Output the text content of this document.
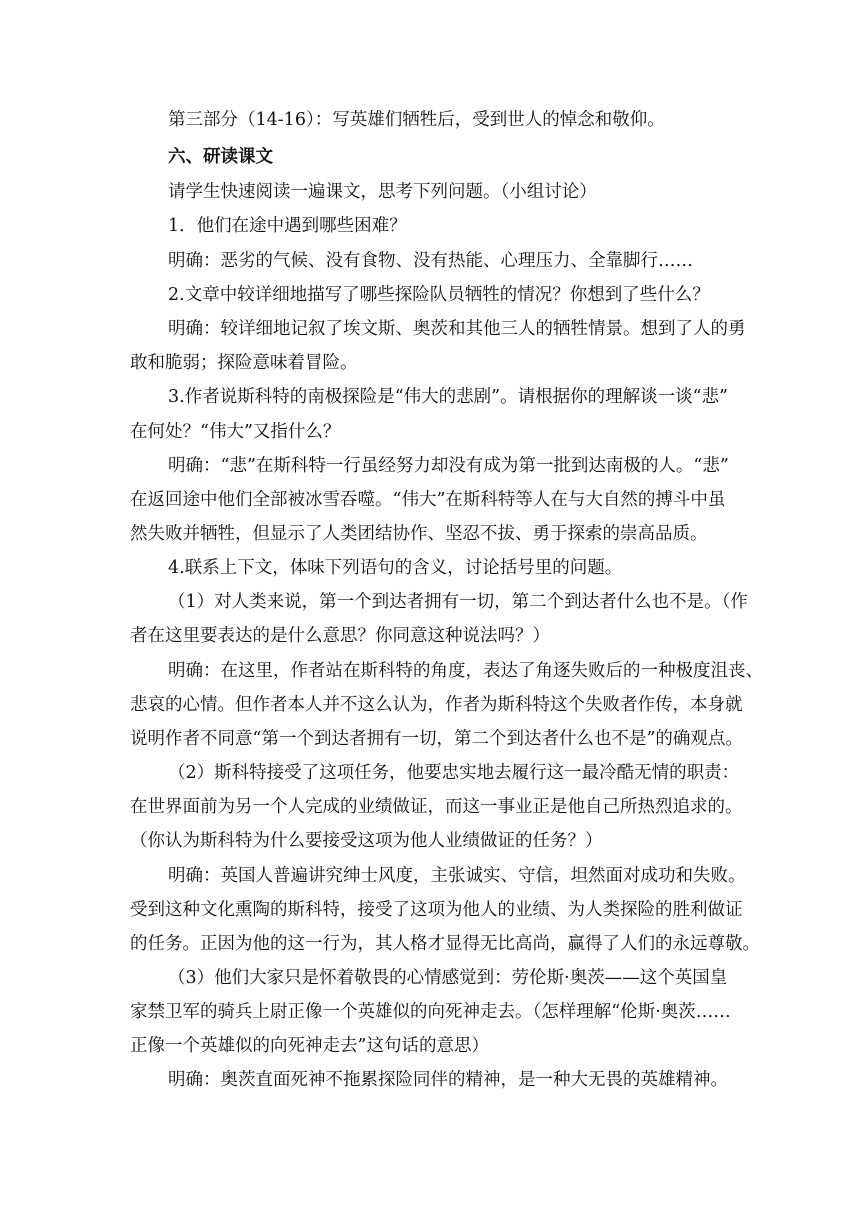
第三部分（14-16）：写英雄们牺牲后，受到世人的悼念和敬仰。

六、研读课文

请学生快速阅读一遍课文，思考下列问题。（小组讨论）

1．他们在途中遇到哪些困难？

明确：恶劣的气候、没有食物、没有热能、心理压力、全靠脚行……

2.文章中较详细地描写了哪些探险队员牺牲的情况？你想到了些什么？

明确：较详细地记叙了埃文斯、奥茨和其他三人的牺牲情景。想到了人的勇

敢和脆弱；探险意味着冒险。

3.作者说斯科特的南极探险是“伟大的悲剧”。请根据你的理解谈一谈“悲”

在何处？“伟大”又指什么？

明确：“悲”在斯科特一行虽经努力却没有成为第一批到达南极的人。“悲”

在返回途中他们全部被冰雪吞噬。“伟大”在斯科特等人在与大自然的搏斗中虽

然失败并牺牲，但显示了人类团结协作、坚忍不拔、勇于探索的崇高品质。

4.联系上下文，体味下列语句的含义，讨论括号里的问题。

（1）对人类来说，第一个到达者拥有一切，第二个到达者什么也不是。（作

者在这里要表达的是什么意思？你同意这种说法吗？）

明确：在这里，作者站在斯科特的角度，表达了角逐失败后的一种极度沮丧、

悲哀的心情。但作者本人并不这么认为，作者为斯科特这个失败者作传，本身就

说明作者不同意“第一个到达者拥有一切，第二个到达者什么也不是”的确观点。

（2）斯科特接受了这项任务，他要忠实地去履行这一最冷酷无情的职责：

在世界面前为另一个人完成的业绩做证，而这一事业正是他自己所热烈追求的。

（你认为斯科特为什么要接受这项为他人业绩做证的任务？）

明确：英国人普遍讲究绅士风度，主张诚实、守信，坦然面对成功和失败。

受到这种文化熏陶的斯科特，接受了这项为他人的业绩、为人类探险的胜利做证

的任务。正因为他的这一行为，其人格才显得无比高尚，赢得了人们的永远尊敬。

（3）他们大家只是怀着敬畏的心情感觉到：劳伦斯·奥茨——这个英国皇

家禁卫军的骑兵上尉正像一个英雄似的向死神走去。（怎样理解“伦斯·奥茨……

正像一个英雄似的向死神走去”这句话的意思）

明确：奥茨直面死神不拖累探险同伴的精神，是一种大无畏的英雄精神。
